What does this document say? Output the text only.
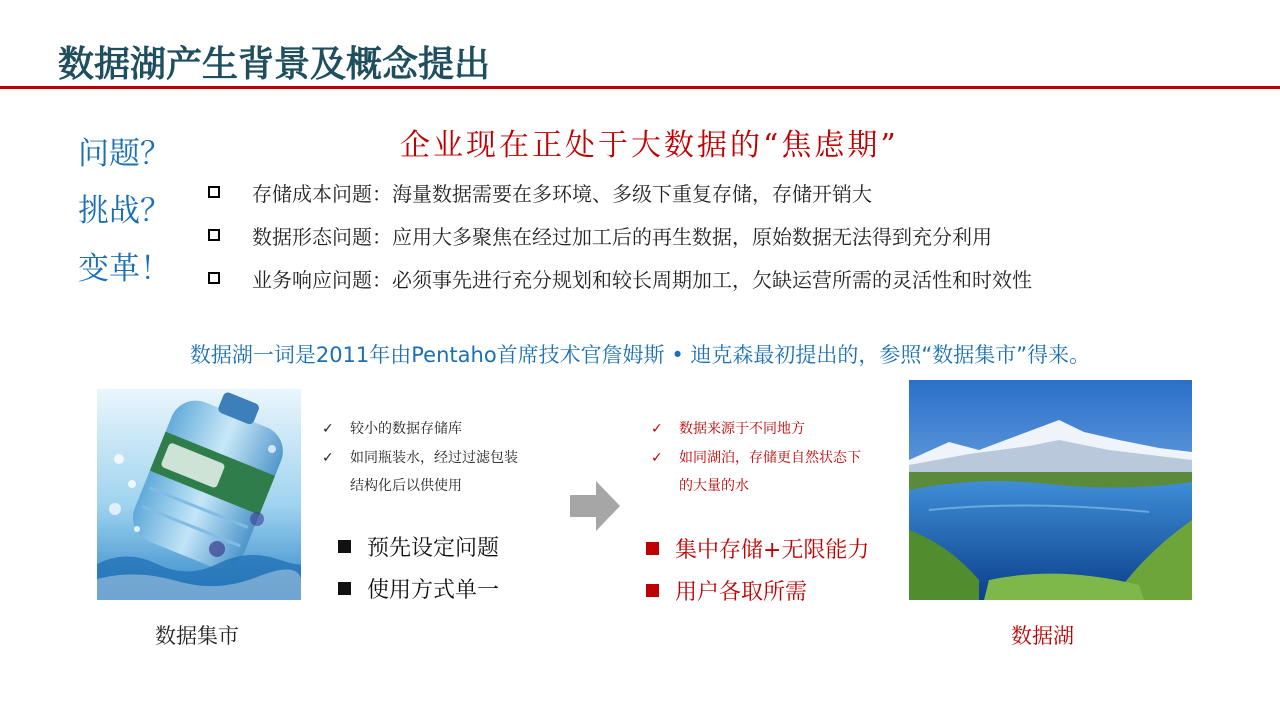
数据湖产生背景及概念提出
问题？
挑战？
变革！
企业现在正处于大数据的“焦虑期”
存储成本问题：海量数据需要在多环境、多级下重复存储，存储开销大
数据形态问题：应用大多聚焦在经过加工后的再生数据，原始数据无法得到充分利用
业务响应问题：必须事先进行充分规划和较长周期加工，欠缺运营所需的灵活性和时效性
数据湖一词是2011年由Pentaho首席技术官詹姆斯 • 迪克森最初提出的，参照“数据集市”得来。
✓ 较小的数据存储库
✓ 如同瓶装水，经过过滤包装
结构化后以供使用
预先设定问题
使用方式单一
✓ 数据来源于不同地方
✓ 如同湖泊，存储更自然状态下
的大量的水
集中存储+无限能力
用户各取所需
数据集市	数据湖
